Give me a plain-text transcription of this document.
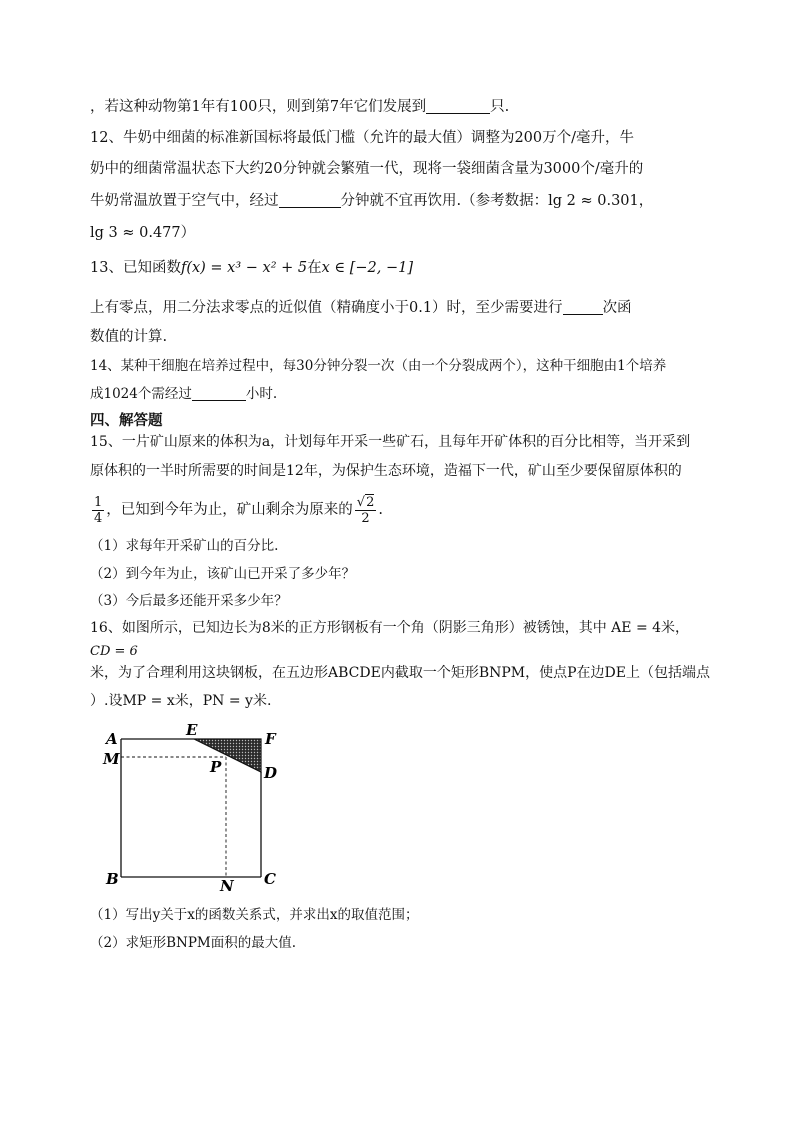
，若这种动物第1年有100只，则到第7年它们发展到	只.
12、牛奶中细菌的标准新国标将最低门槛（允许的最大值）调整为200万个/毫升，牛
奶中的细菌常温状态下大约20分钟就会繁殖一代，现将一袋细菌含量为3000个/毫升的
牛奶常温放置于空气中，经过	分钟就不宜再饮用.（参考数据：lg 2 ≈ 0.301，
lg 3 ≈ 0.477）
13、已知函数f(x) = x³ − x² + 5在x ∈ [−2, −1]
上有零点，用二分法求零点的近似值（精确度小于0.1）时，至少需要进行	次函
数值的计算.
14、某种干细胞在培养过程中，每30分钟分裂一次（由一个分裂成两个），这种干细胞由1个培养
成1024个需经过	小时.
四、解答题
15、一片矿山原来的体积为a，计划每年开采一些矿石，且每年开矿体积的百分比相等，当开采到
原体积的一半时所需要的时间是12年，为保护生态环境，造福下一代，矿山至少要保留原体积的
$\frac{1}{4}$ ，已知到今年为止，矿山剩余为原来的 $\frac{√2}{2}$ .
（1）求每年开采矿山的百分比.
（2）到今年为止，该矿山已开采了多少年？
（3）今后最多还能开采多少年？
16、如图所示，已知边长为8米的正方形钢板有一个角（阴影三角形）被锈蚀，其中 AE = 4米，
CD = 6
米，为了合理利用这块钢板，在五边形ABCDE内截取一个矩形BNPM，使点P在边DE上（包括端点
）.设MP = x米，PN = y米.
A	E	F
M	P	D
B	N C
（1）写出y关于x的函数关系式，并求出x的取值范围；
（2）求矩形BNPM面积的最大值.
